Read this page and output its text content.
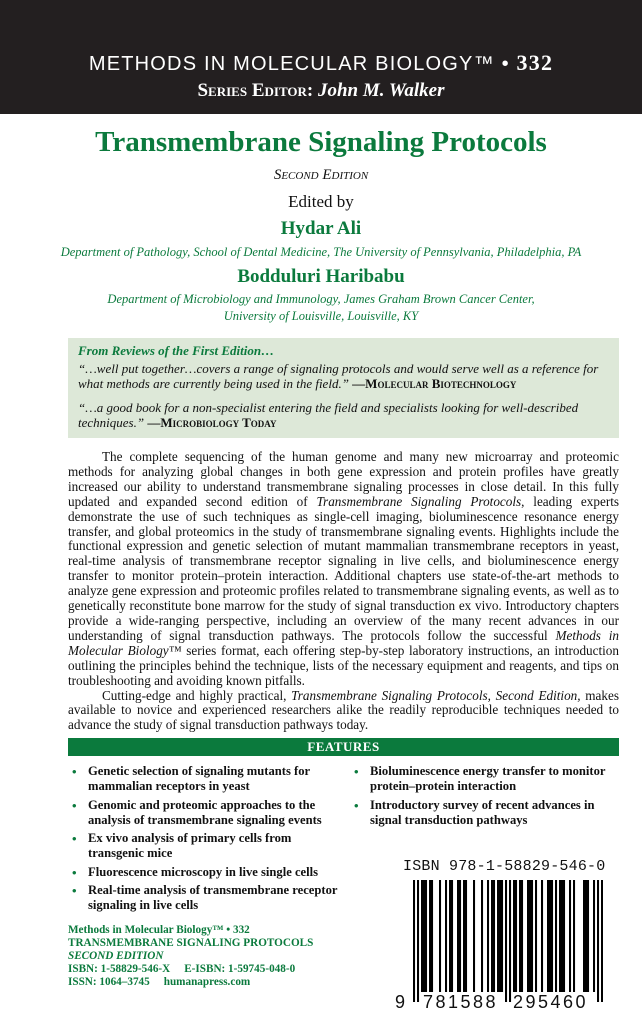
METHODS IN MOLECULAR BIOLOGY™ • 332
Series Editor: John M. Walker
Transmembrane Signaling Protocols
Second Edition
Edited by
Hydar Ali
Department of Pathology, School of Dental Medicine, The University of Pennsylvania, Philadelphia, PA
Bodduluri Haribabu
Department of Microbiology and Immunology, James Graham Brown Cancer Center,
University of Louisville, Louisville, KY
From Reviews of the First Edition…
“…well put together…covers a range of signaling protocols and would serve well as a reference for what methods are currently being used in the field.” —Molecular Biotechnology
“…a good book for a non-specialist entering the field and specialists looking for well-described techniques.” —Microbiology Today

The complete sequencing of the human genome and many new microarray and proteomic methods for analyzing global changes in both gene expression and protein profiles have greatly increased our ability to understand transmembrane signaling processes in close detail. In this fully updated and expanded second edition of Transmembrane Signaling Protocols, leading experts demonstrate the use of such techniques as single-cell imaging, bioluminescence resonance energy transfer, and global proteomics in the study of transmembrane signaling events. Highlights include the functional expression and genetic selection of mutant mammalian transmembrane receptors in yeast, real-time analysis of transmembrane receptor signaling in live cells, and bioluminescence energy transfer to monitor protein–protein interaction. Additional chapters use state-of-the-art methods to analyze gene expression and proteomic profiles related to transmembrane signaling events, as well as to genetically reconstitute bone marrow for the study of signal transduction ex vivo. Introductory chapters provide a wide-ranging perspective, including an overview of the many recent advances in our understanding of signal transduction pathways. The protocols follow the successful Methods in Molecular Biology™ series format, each offering step-by-step laboratory instructions, an introduction outlining the principles behind the technique, lists of the necessary equipment and reagents, and tips on troubleshooting and avoiding known pitfalls.

Cutting-edge and highly practical, Transmembrane Signaling Protocols, Second Edition, makes available to novice and experienced researchers alike the readily reproducible techniques needed to advance the study of signal transduction pathways today.

FEATURES
• Genetic selection of signaling mutants for mammalian receptors in yeast
• Genomic and proteomic approaches to the analysis of transmembrane signaling events
• Ex vivo analysis of primary cells from transgenic mice
• Fluorescence microscopy in live single cells
• Real-time analysis of transmembrane receptor signaling in live cells
• Bioluminescence energy transfer to monitor protein–protein interaction
• Introductory survey of recent advances in signal transduction pathways
Methods in Molecular Biology™ • 332
TRANSMEMBRANE SIGNALING PROTOCOLS
SECOND EDITION
ISBN: 1-58829-546-X     E-ISBN: 1-59745-048-0
ISSN: 1064–3745     humanapress.com
ISBN 978-1-58829-546-0
9 781588 295460
